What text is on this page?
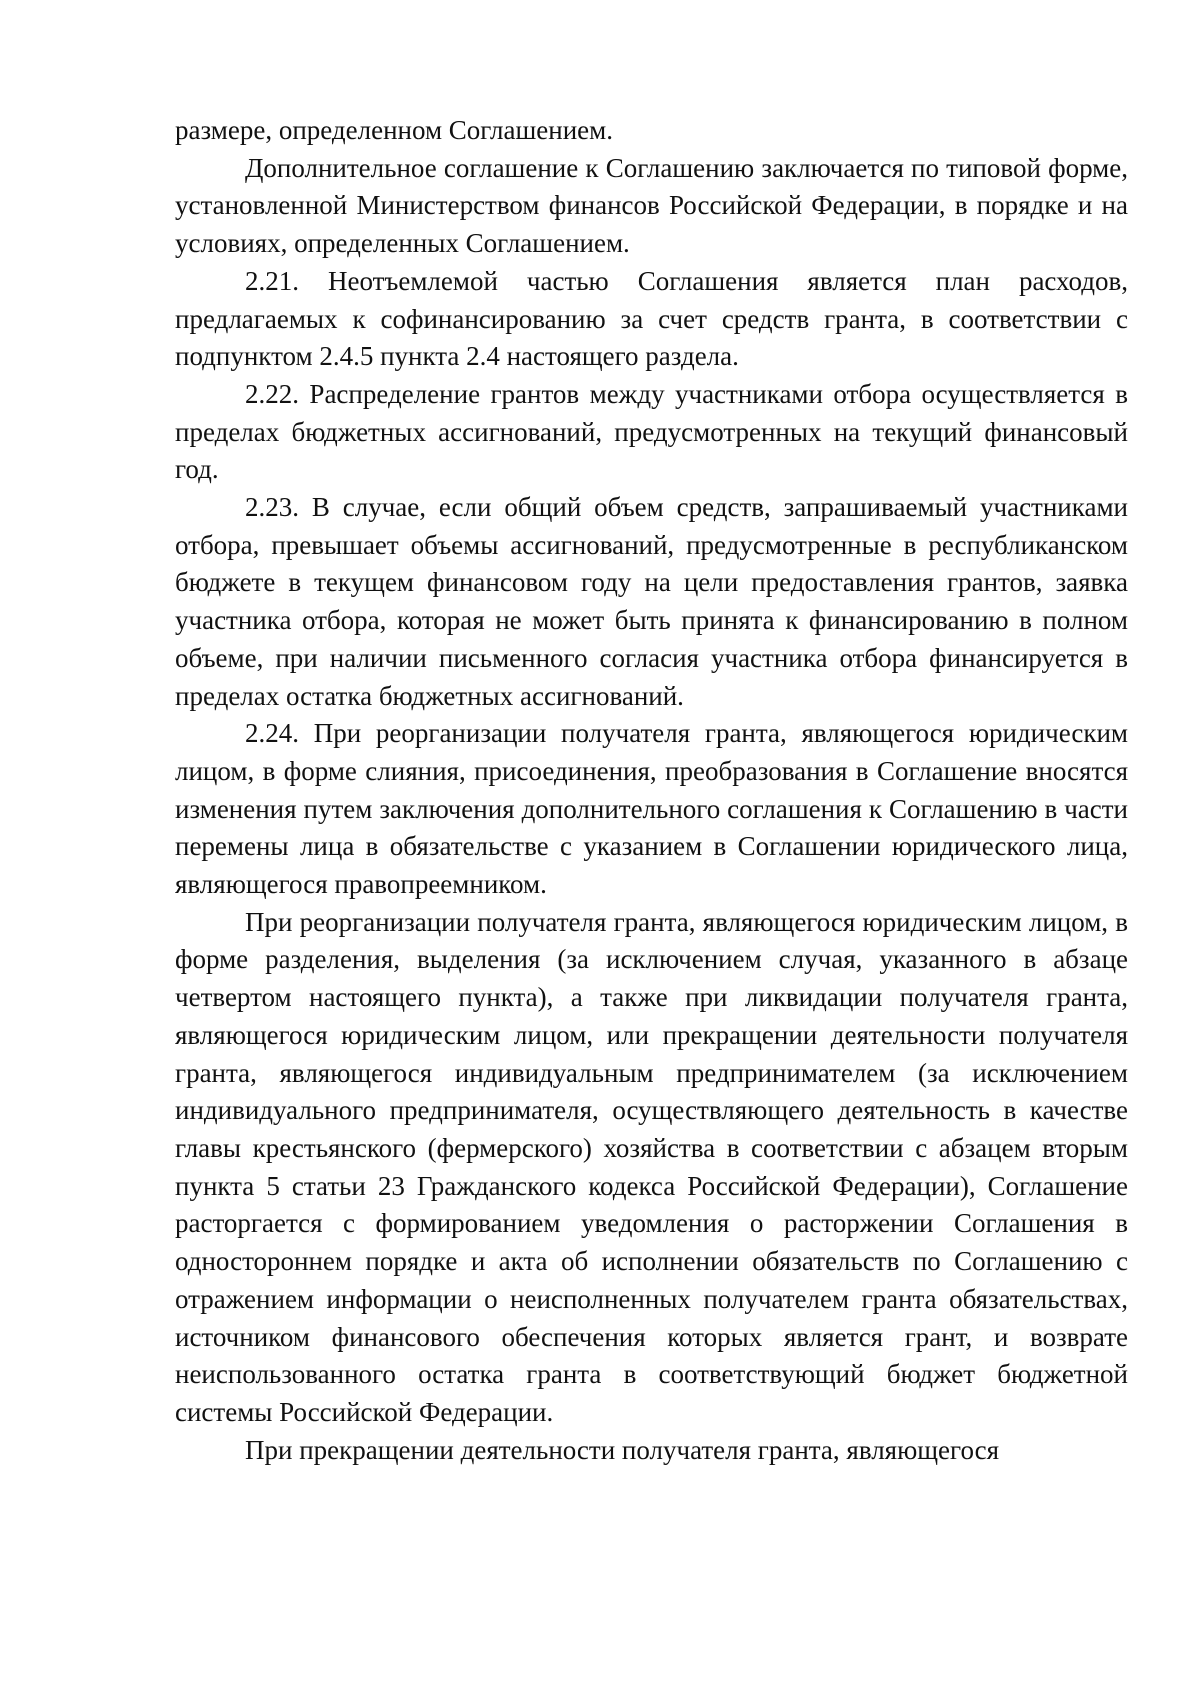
размере, определенном Соглашением.

Дополнительное соглашение к Соглашению заключается по типовой форме, установленной Министерством финансов Российской Федерации, в порядке и на условиях, определенных Соглашением.

2.21. Неотъемлемой частью Соглашения является план расходов, предлагаемых к софинансированию за счет средств гранта, в соответствии с подпунктом 2.4.5 пункта 2.4 настоящего раздела.

2.22. Распределение грантов между участниками отбора осуществляется в пределах бюджетных ассигнований, предусмотренных на текущий финансовый год.

2.23. В случае, если общий объем средств, запрашиваемый участниками отбора, превышает объемы ассигнований, предусмотренные в республиканском бюджете в текущем финансовом году на цели предоставления грантов, заявка участника отбора, которая не может быть принята к финансированию в полном объеме, при наличии письменного согласия участника отбора финансируется в пределах остатка бюджетных ассигнований.

2.24. При реорганизации получателя гранта, являющегося юридическим лицом, в форме слияния, присоединения, преобразования в Соглашение вносятся изменения путем заключения дополнительного соглашения к Соглашению в части перемены лица в обязательстве с указанием в Соглашении юридического лица, являющегося правопреемником.

При реорганизации получателя гранта, являющегося юридическим лицом, в форме разделения, выделения (за исключением случая, указанного в абзаце четвертом настоящего пункта), а также при ликвидации получателя гранта, являющегося юридическим лицом, или прекращении деятельности получателя гранта, являющегося индивидуальным предпринимателем (за исключением индивидуального предпринимателя, осуществляющего деятельность в качестве главы крестьянского (фермерского) хозяйства в соответствии с абзацем вторым пункта 5 статьи 23 Гражданского кодекса Российской Федерации), Соглашение расторгается с формированием уведомления о расторжении Соглашения в одностороннем порядке и акта об исполнении обязательств по Соглашению с отражением информации о неисполненных получателем гранта обязательствах, источником финансового обеспечения которых является грант, и возврате неиспользованного остатка гранта в соответствующий бюджет бюджетной системы Российской Федерации.

При прекращении деятельности получателя гранта, являющегося
